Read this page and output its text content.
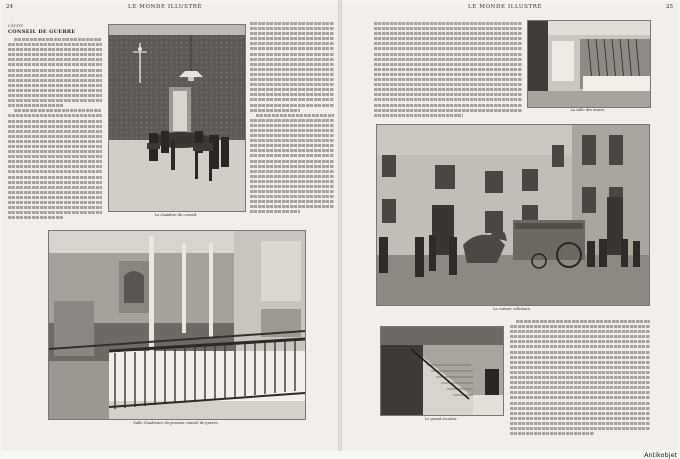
24	LE MONDE ILLUSTRÉ	LE MONDE ILLUSTRÉ	25
L'ÉDITE
CONSEIL DE GUERRE
La chambre du conseil.
Salle d'audience du premier conseil de guerre.
La salle des armes.
La voiture cellulaire.
Le grand escalier.
Antikobjet
